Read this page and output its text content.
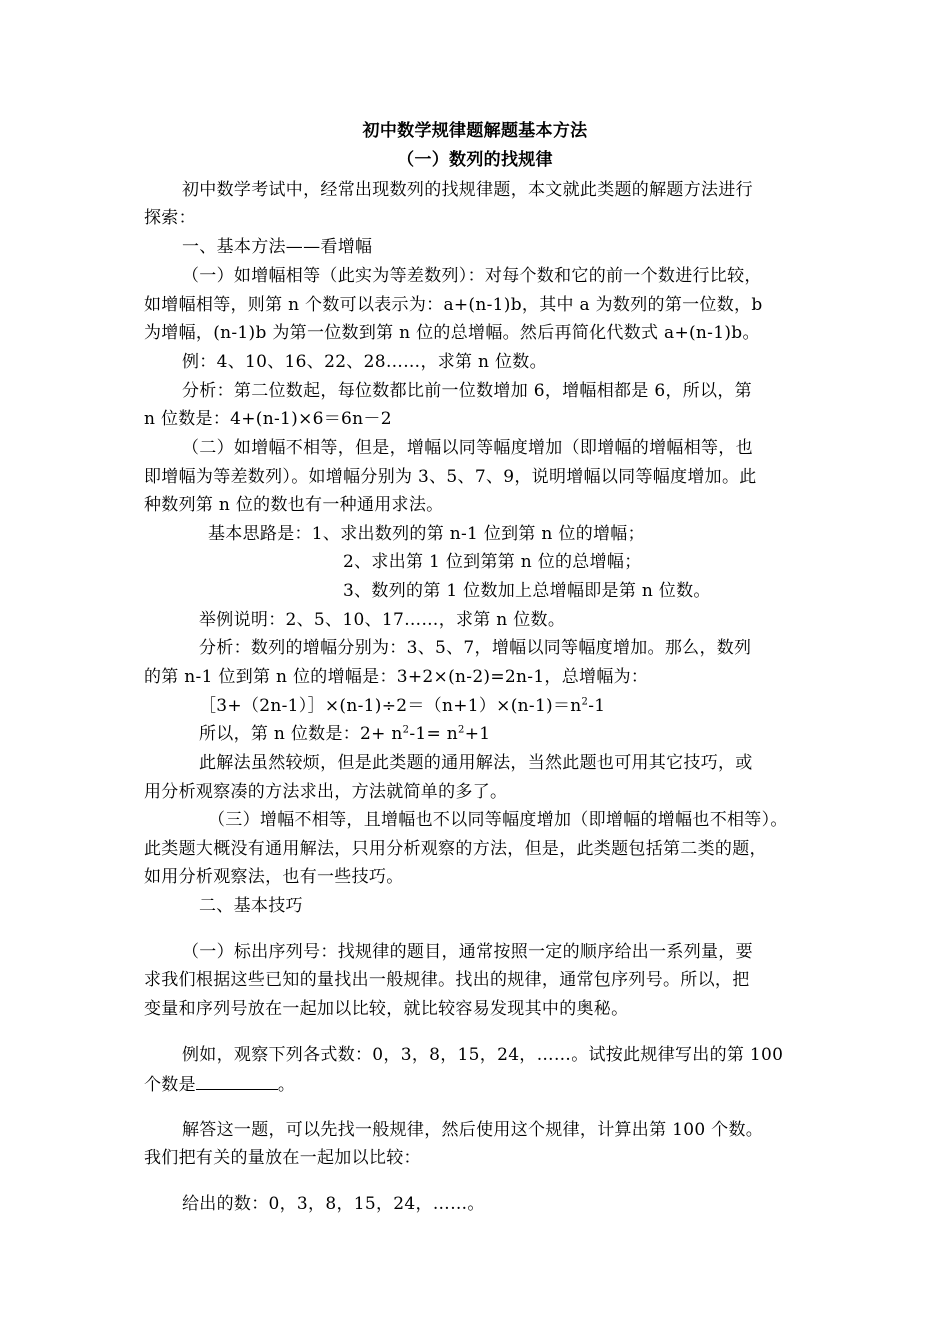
初中数学规律题解题基本方法
（一）数列的找规律
初中数学考试中，经常出现数列的找规律题，本文就此类题的解题方法进行
探索：
一、基本方法——看增幅
（一）如增幅相等（此实为等差数列）：对每个数和它的前一个数进行比较，
如增幅相等，则第 n 个数可以表示为：a+(n-1)b，其中 a 为数列的第一位数，b
为增幅，(n-1)b 为第一位数到第 n 位的总增幅。然后再简化代数式 a+(n-1)b。
例：4、10、16、22、28……，求第 n 位数。
分析：第二位数起，每位数都比前一位数增加 6，增幅相都是 6，所以，第
n 位数是：4+(n-1)×6＝6n－2
（二）如增幅不相等，但是，增幅以同等幅度增加（即增幅的增幅相等，也
即增幅为等差数列）。如增幅分别为 3、5、7、9，说明增幅以同等幅度增加。此
种数列第 n 位的数也有一种通用求法。
基本思路是：1、求出数列的第 n-1 位到第 n 位的增幅；
2、求出第 1 位到第第 n 位的总增幅；
3、数列的第 1 位数加上总增幅即是第 n 位数。
举例说明：2、5、10、17……，求第 n 位数。
分析：数列的增幅分别为：3、5、7，增幅以同等幅度增加。那么，数列
的第 n-1 位到第 n 位的增幅是：3+2×(n-2)=2n-1，总增幅为：
$[3+(2n-1)]\times(n-1)\div 2=(n+1)\times(n-1)=n^2-1$
所以，第 n 位数是：$2+ n^2-1= n^2+1$
此解法虽然较烦，但是此类题的通用解法，当然此题也可用其它技巧，或
用分析观察凑的方法求出，方法就简单的多了。
（三）增幅不相等，且增幅也不以同等幅度增加（即增幅的增幅也不相等）。
此类题大概没有通用解法，只用分析观察的方法，但是，此类题包括第二类的题，
如用分析观察法，也有一些技巧。
二、基本技巧
（一）标出序列号：找规律的题目，通常按照一定的顺序给出一系列量，要
求我们根据这些已知的量找出一般规律。找出的规律，通常包序列号。所以，把
变量和序列号放在一起加以比较，就比较容易发现其中的奥秘。
例如，观察下列各式数：0，3，8，15，24，……。试按此规律写出的第 100
个数是	。
解答这一题，可以先找一般规律，然后使用这个规律，计算出第 100 个数。
我们把有关的量放在一起加以比较：
给出的数：0，3，8，15，24，……。
